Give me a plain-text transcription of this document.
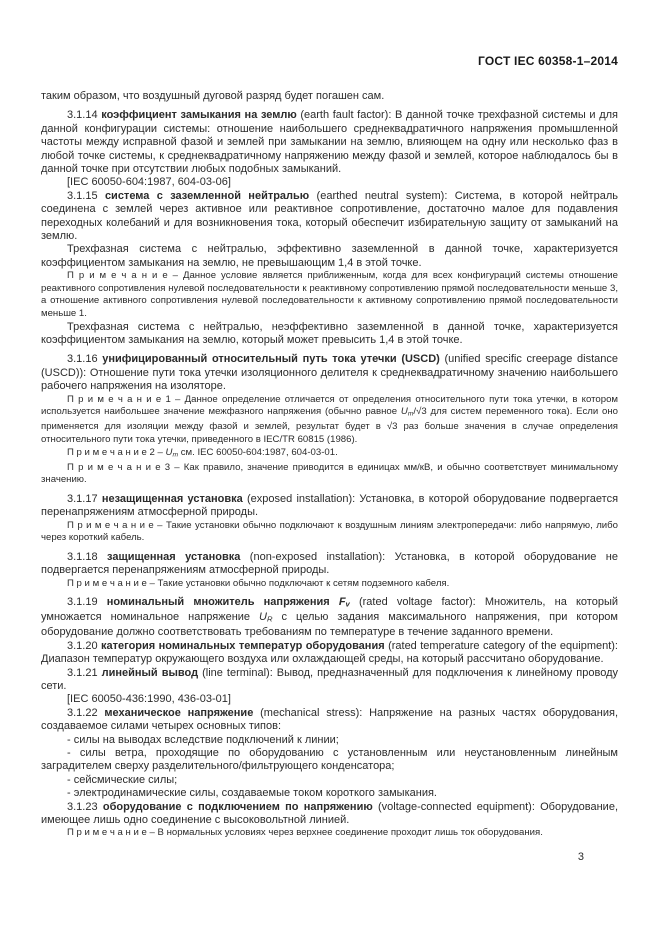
ГОСТ IEC 60358-1–2014

таким образом, что воздушный дуговой разряд будет погашен сам.

3.1.14 коэффициент замыкания на землю (earth fault factor): В данной точке трехфазной системы и для данной конфигурации системы: отношение наибольшего среднеквадратичного напряжения промышленной частоты между исправной фазой и землей при замыкании на землю, влияющем на одну или несколько фаз в любой точке системы, к среднеквадратичному напряжению между фазой и землей, которое наблюдалось бы в данной точке при отсутствии любых подобных замыканий.

[IEC 60050-604:1987, 604-03-06]

3.1.15 система с заземленной нейтралью (earthed neutral system): Система, в которой нейтраль соединена с землей через активное или реактивное сопротивление, достаточно малое для подавления переходных колебаний и для возникновения тока, который обеспечит избирательную защиту от замыканий на землю.

Трехфазная система с нейтралью, эффективно заземленной в данной точке, характеризуется коэффициентом замыкания на землю, не превышающим 1,4 в этой точке.

П р и м е ч а н и е – Данное условие является приближенным, когда для всех конфигураций системы отношение реактивного сопротивления нулевой последовательности к реактивному сопротивлению прямой последовательности меньше 3, а отношение активного сопротивления нулевой последовательности к активному сопротивлению прямой последовательности меньше 1.

Трехфазная система с нейтралью, неэффективно заземленной в данной точке, характеризуется коэффициентом замыкания на землю, который может превысить 1,4 в этой точке.

3.1.16 унифицированный относительный путь тока утечки (USCD) (unified specific creepage distance (USCD)): Отношение пути тока утечки изоляционного делителя к среднеквадратичному значению наибольшего рабочего напряжения на изоляторе.

П р и м е ч а н и е 1 – Данное определение отличается от определения относительного пути тока утечки, в котором используется наибольшее значение межфазного напряжения (обычно равное $U_m/√3$ для систем переменного тока). Если оно применяется для изоляции между фазой и землей, результат будет в √3 раз больше значения в случае определения относительного пути тока утечки, приведенного в IEC/TR 60815 (1986).

П р и м е ч а н и е $2 - U_m$ см. IEC 60050-604:1987, 604-03-01.

П р и м е ч а н и е 3 – Как правило, значение приводится в единицах мм/кВ, и обычно соответствует минимальному значению.

3.1.17 незащищенная установка (exposed installation): Установка, в которой оборудование подвергается перенапряжениям атмосферной природы.

П р и м е ч а н и е – Такие установки обычно подключают к воздушным линиям электропередачи: либо напрямую, либо через короткий кабель.

3.1.18 защищенная установка (non-exposed installation): Установка, в которой оборудование не подвергается перенапряжениям атмосферной природы.

П р и м е ч а н и е – Такие установки обычно подключают к сетям подземного кабеля.

3.1.19 номинальный множитель напряжения $F_v$ (rated voltage factor): Множитель, на который умножается номинальное напряжение $U_R$ с целью задания максимального напряжения, при котором оборудование должно соответствовать требованиям по температуре в течение заданного времени.

3.1.20 категория номинальных температур оборудования (rated temperature category of the equipment): Диапазон температур окружающего воздуха или охлаждающей среды, на который рассчитано оборудование.

3.1.21 линейный вывод (line terminal): Вывод, предназначенный для подключения к линейному проводу сети.

[IEC 60050-436:1990, 436-03-01]

3.1.22 механическое напряжение (mechanical stress): Напряжение на разных частях оборудования, создаваемое силами четырех основных типов:

- силы на выводах вследствие подключений к линии;

- силы ветра, проходящие по оборудованию с установленным или неустановленным линейным заградителем сверху разделительного/фильтрующего конденсатора;

- сейсмические силы;

- электродинамические силы, создаваемые током короткого замыкания.

3.1.23 оборудование с подключением по напряжению (voltage-connected equipment): Оборудование, имеющее лишь одно соединение с высоковольтной линией.

П р и м е ч а н и е – В нормальных условиях через верхнее соединение проходит лишь ток оборудования.

3
